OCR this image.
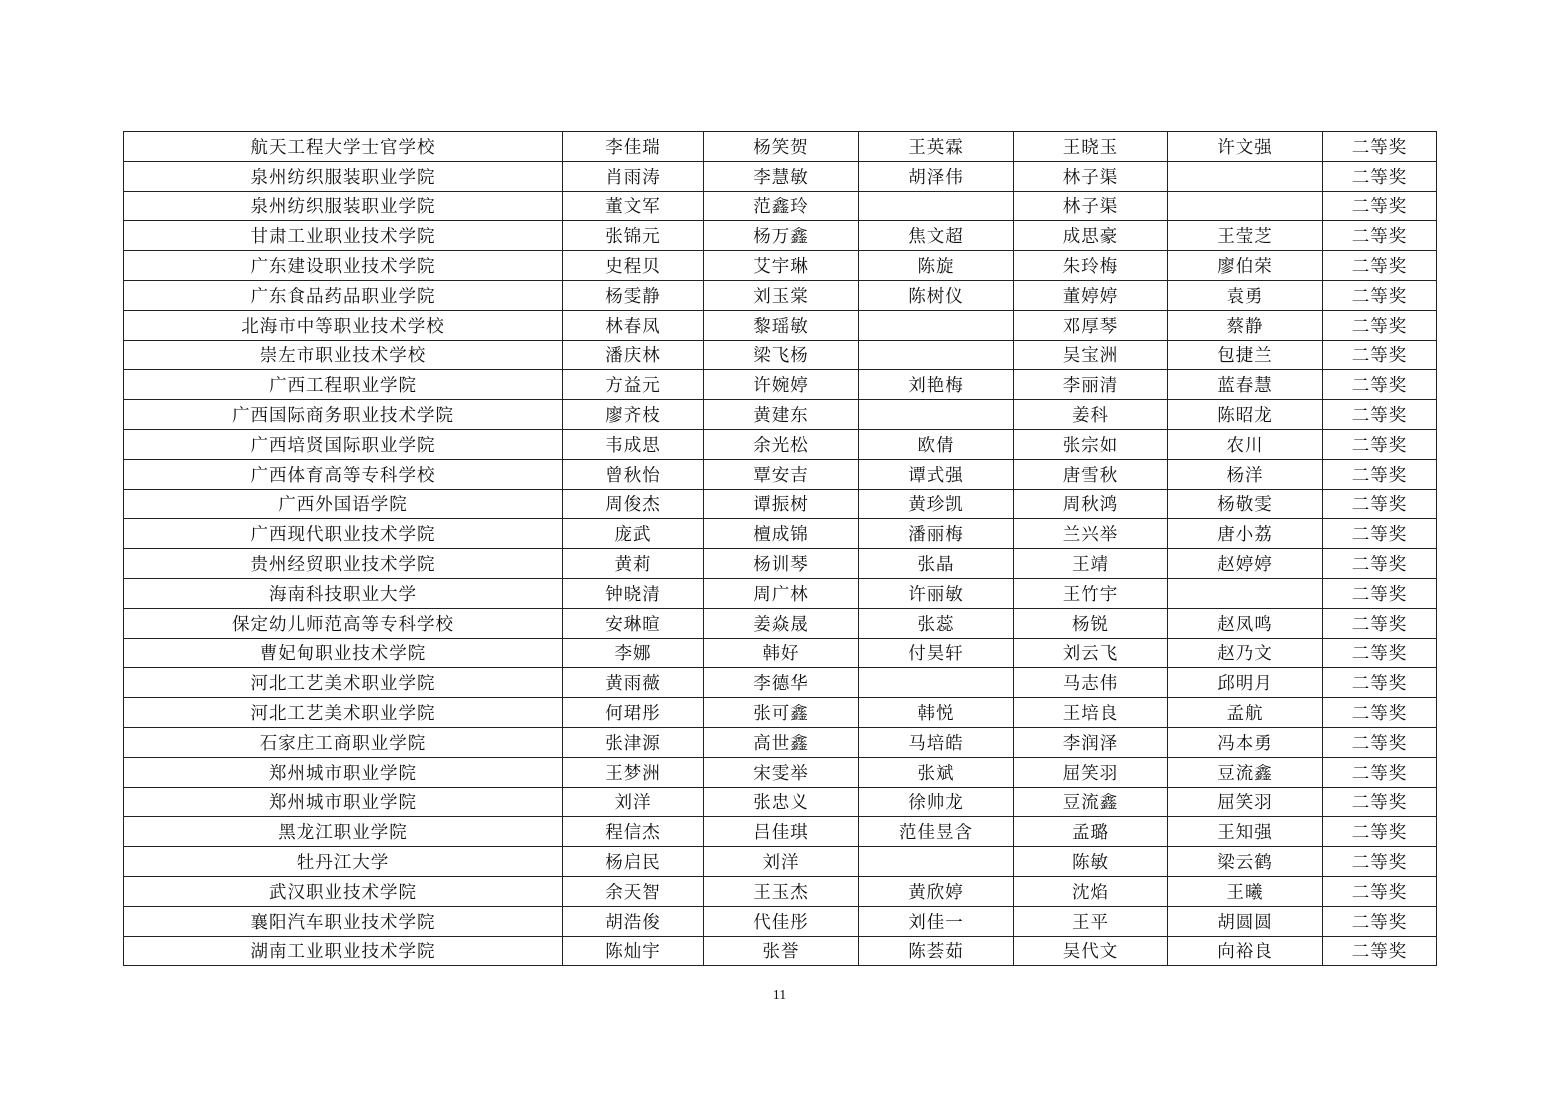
航天工程大学士官学校	李佳瑞	杨笑贺	王英霖	王晓玉	许文强	二等奖
泉州纺织服装职业学院	肖雨涛	李慧敏	胡泽伟	林子渠		二等奖
泉州纺织服装职业学院	董文军	范鑫玲		林子渠		二等奖
甘肃工业职业技术学院	张锦元	杨万鑫	焦文超	成思豪	王莹芝	二等奖
广东建设职业技术学院	史程贝	艾宇琳	陈旋	朱玲梅	廖伯荣	二等奖
广东食品药品职业学院	杨雯静	刘玉棠	陈树仪	董婷婷	袁勇	二等奖
北海市中等职业技术学校	林春凤	黎瑶敏		邓厚琴	蔡静	二等奖
崇左市职业技术学校	潘庆林	梁飞杨		吴宝洲	包捷兰	二等奖
广西工程职业学院	方益元	许婉婷	刘艳梅	李丽清	蓝春慧	二等奖
广西国际商务职业技术学院	廖齐枝	黄建东		姜科	陈昭龙	二等奖
广西培贤国际职业学院	韦成思	余光松	欧倩	张宗如	农川	二等奖
广西体育高等专科学校	曾秋怡	覃安吉	谭式强	唐雪秋	杨洋	二等奖
广西外国语学院	周俊杰	谭振树	黄珍凯	周秋鸿	杨敬雯	二等奖
广西现代职业技术学院	庞武	檀成锦	潘丽梅	兰兴举	唐小荔	二等奖
贵州经贸职业技术学院	黄莉	杨训琴	张晶	王靖	赵婷婷	二等奖
海南科技职业大学	钟晓清	周广林	许丽敏	王竹宇		二等奖
保定幼儿师范高等专科学校	安琳暄	姜焱晟	张蕊	杨锐	赵凤鸣	二等奖
曹妃甸职业技术学院	李娜	韩好	付昊轩	刘云飞	赵乃文	二等奖
河北工艺美术职业学院	黄雨薇	李德华		马志伟	邱明月	二等奖
河北工艺美术职业学院	何珺彤	张可鑫	韩悦	王培良	孟航	二等奖
石家庄工商职业学院	张津源	高世鑫	马培皓	李润泽	冯本勇	二等奖
郑州城市职业学院	王梦洲	宋雯举	张斌	屈笑羽	豆流鑫	二等奖
郑州城市职业学院	刘洋	张忠义	徐帅龙	豆流鑫	屈笑羽	二等奖
黑龙江职业学院	程信杰	吕佳琪	范佳昱含	孟璐	王知强	二等奖
牡丹江大学	杨启民	刘洋		陈敏	梁云鹤	二等奖
武汉职业技术学院	余天智	王玉杰	黄欣婷	沈焰	王曦	二等奖
襄阳汽车职业技术学院	胡浩俊	代佳彤	刘佳一	王平	胡圆圆	二等奖
湖南工业职业技术学院	陈灿宇	张誉	陈荟茹	吴代文	向裕良	二等奖
11
